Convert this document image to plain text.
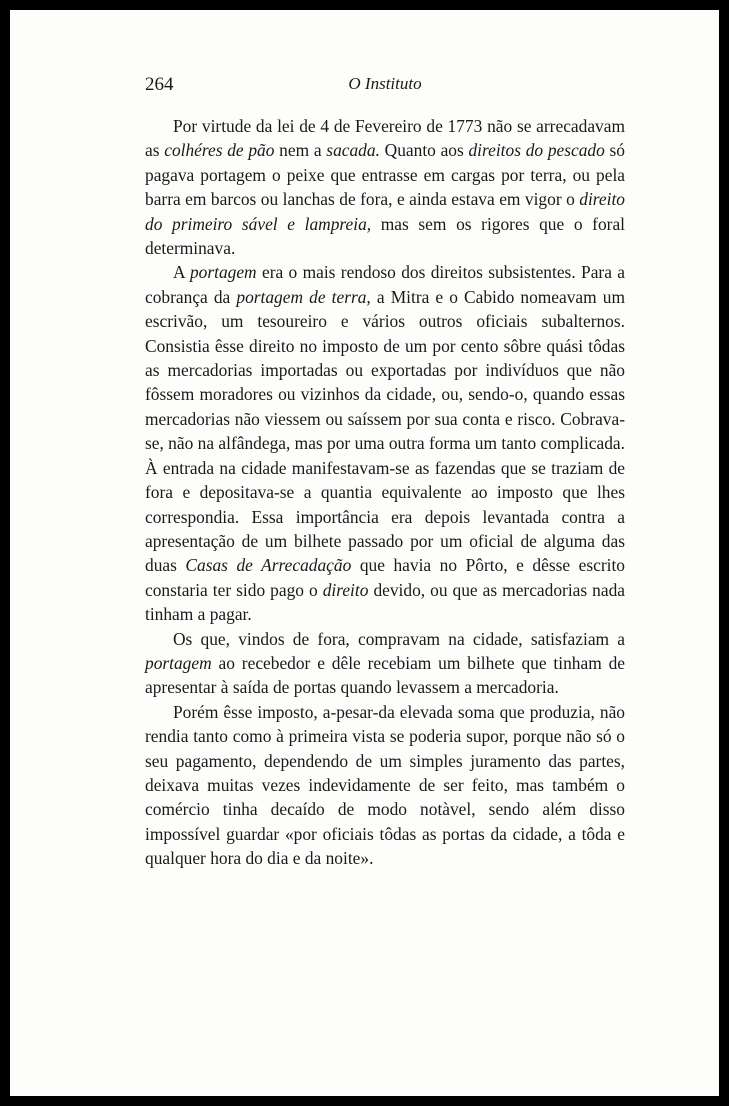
264	O Instituto

Por virtude da lei de 4 de Fevereiro de 1773 não se arrecadavam as colhéres de pão nem a sacada. Quanto aos direitos do pescado só pagava portagem o peixe que entrasse em cargas por terra, ou pela barra em barcos ou lanchas de fora, e ainda estava em vigor o direito do primeiro sável e lampreia, mas sem os rigores que o foral determinava.

A portagem era o mais rendoso dos direitos subsistentes. Para a cobrança da portagem de terra, a Mitra e o Cabido nomeavam um escrivão, um tesoureiro e vários outros oficiais subalternos. Consistia êsse direito no imposto de um por cento sôbre quási tôdas as mercadorias importadas ou exportadas por indivíduos que não fôssem moradores ou vizinhos da cidade, ou, sendo-o, quando essas mercadorias não viessem ou saíssem por sua conta e risco. Cobrava-se, não na alfândega, mas por uma outra forma um tanto complicada. À entrada na cidade manifestavam-se as fazendas que se traziam de fora e depositava-se a quantia equivalente ao imposto que lhes correspondia. Essa importância era depois levantada contra a apresentação de um bilhete passado por um oficial de alguma das duas Casas de Arrecadação que havia no Pôrto, e dêsse escrito constaria ter sido pago o direito devido, ou que as mercadorias nada tinham a pagar.

Os que, vindos de fora, compravam na cidade, satisfaziam a portagem ao recebedor e dêle recebiam um bilhete que tinham de apresentar à saída de portas quando levassem a mercadoria.

Porém êsse imposto, a-pesar-da elevada soma que produzia, não rendia tanto como à primeira vista se poderia supor, porque não só o seu pagamento, dependendo de um simples juramento das partes, deixava muitas vezes indevidamente de ser feito, mas também o comércio tinha decaído de modo notàvel, sendo além disso impossível guardar «por oficiais tôdas as portas da cidade, a tôda e qualquer hora do dia e da noite».
